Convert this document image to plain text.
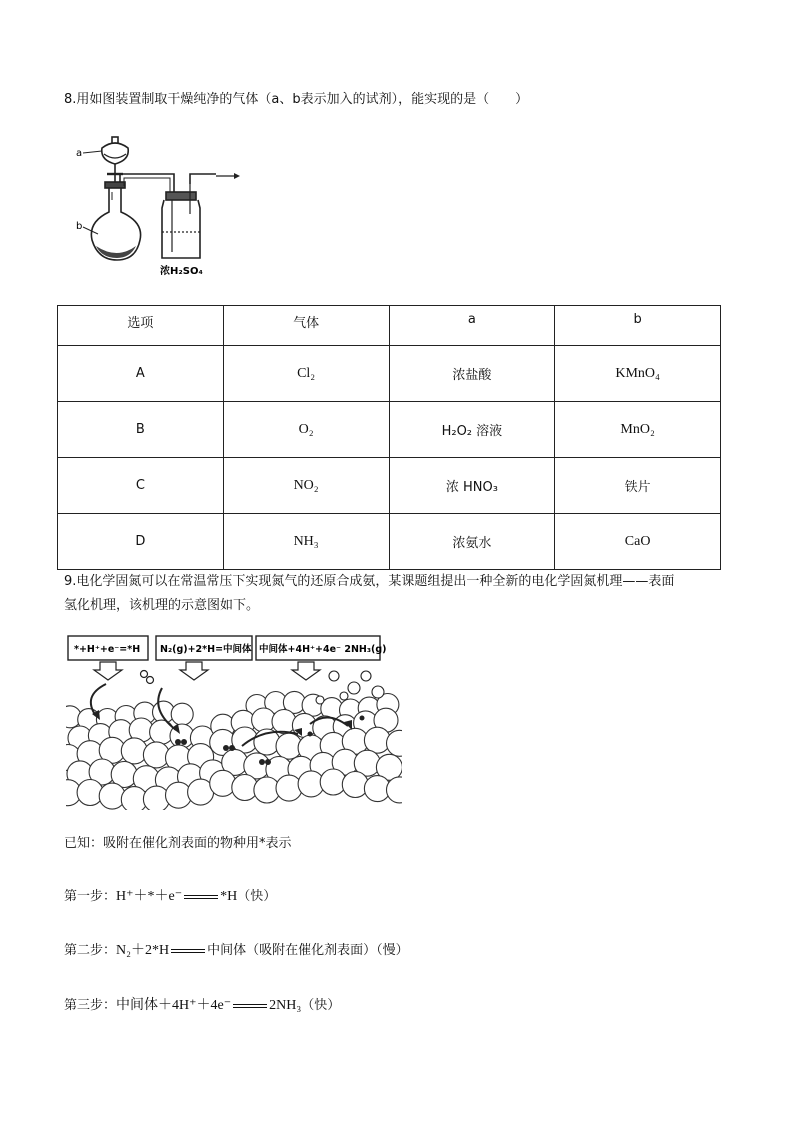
8.用如图装置制取干燥纯净的气体（a、b表示加入的试剂），能实现的是（　　）
a
b
浓H₂SO₄
选项	气体	a	b
A	Cl₂	浓盐酸	KMnO₄
B	O₂	H₂O₂ 溶液	MnO₂
C	NO₂	浓 HNO₃	铁片
D	NH₃	浓氨水	CaO
9.电化学固氮可以在常温常压下实现氮气的还原合成氨，某课题组提出一种全新的电化学固氮机理——表面
氢化机理，该机理的示意图如下。
*+H⁺+e⁻=*H N₂(g)+2*H=中间体 中间体+4H⁺+4e⁻ 2NH₃(g)
已知：吸附在催化剂表面的物种用*表示
第一步：H⁺＋*＋e⁻	*H（快）
第二步：N₂＋2*H	中间体（吸附在催化剂表面）（慢）
第三步：中间体＋4H⁺＋4e⁻	2NH₃（快）
